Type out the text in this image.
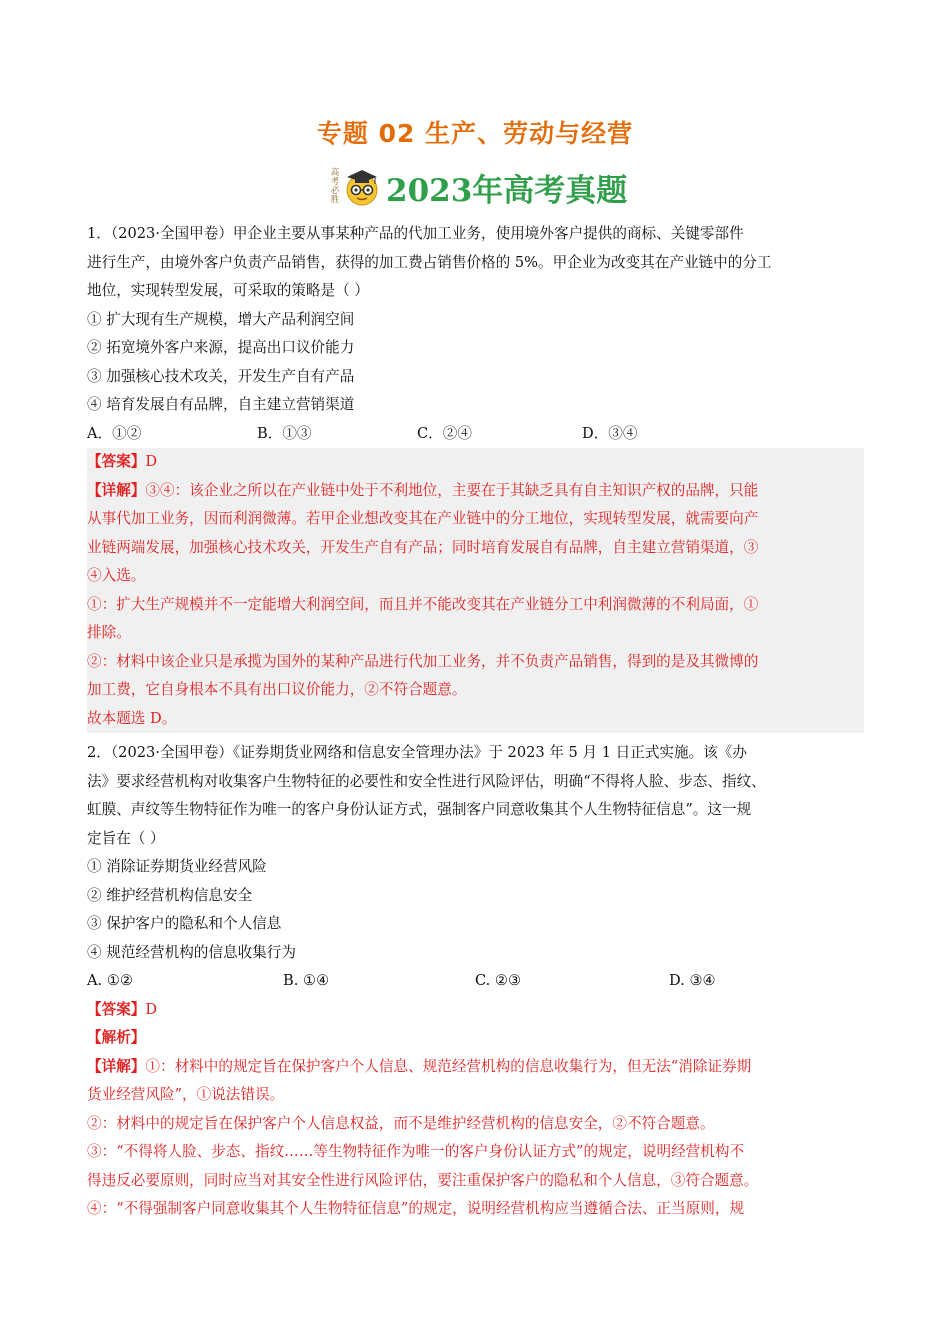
专题 02 生产、劳动与经营
高
考
必
胜 2023年高考真题
1．（2023·全国甲卷）甲企业主要从事某种产品的代加工业务，使用境外客户提供的商标、关键零部件
进行生产，由境外客户负责产品销售，获得的加工费占销售价格的 5%。甲企业为改变其在产业链中的分工
地位，实现转型发展，可采取的策略是（ ）
① 扩大现有生产规模，增大产品利润空间
② 拓宽境外客户来源，提高出口议价能力
③ 加强核心技术攻关，开发生产自有产品
④ 培育发展自有品牌，自主建立营销渠道
A．①②	B．①③	C．②④	D．③④
【答案】D
【详解】③④：该企业之所以在产业链中处于不利地位，主要在于其缺乏具有自主知识产权的品牌，只能
从事代加工业务，因而利润微薄。若甲企业想改变其在产业链中的分工地位，实现转型发展，就需要向产
业链两端发展，加强核心技术攻关，开发生产自有产品；同时培育发展自有品牌，自主建立营销渠道，③
④入选。
①：扩大生产规模并不一定能增大利润空间，而且并不能改变其在产业链分工中利润微薄的不利局面，①
排除。
②：材料中该企业只是承揽为国外的某种产品进行代加工业务，并不负责产品销售，得到的是及其微博的
加工费，它自身根本不具有出口议价能力，②不符合题意。
故本题选 D。
2．（2023·全国甲卷）《证券期货业网络和信息安全管理办法》于 2023 年 5 月 1 日正式实施。该《办
法》要求经营机构对收集客户生物特征的必要性和安全性进行风险评估，明确“不得将人脸、步态、指纹、
虹膜、声纹等生物特征作为唯一的客户身份认证方式，强制客户同意收集其个人生物特征信息”。这一规
定旨在（ ）
① 消除证券期货业经营风险
② 维护经营机构信息安全
③ 保护客户的隐私和个人信息
④ 规范经营机构的信息收集行为
A. ①②	B. ①④	C. ②③	D. ③④
【答案】D
【解析】
【详解】①：材料中的规定旨在保护客户个人信息、规范经营机构的信息收集行为，但无法“消除证券期
货业经营风险”，①说法错误。
②：材料中的规定旨在保护客户个人信息权益，而不是维护经营机构的信息安全，②不符合题意。
③：“不得将人脸、步态、指纹……等生物特征作为唯一的客户身份认证方式”的规定，说明经营机构不
得违反必要原则，同时应当对其安全性进行风险评估，要注重保护客户的隐私和个人信息，③符合题意。
④：“不得强制客户同意收集其个人生物特征信息”的规定，说明经营机构应当遵循合法、正当原则，规
